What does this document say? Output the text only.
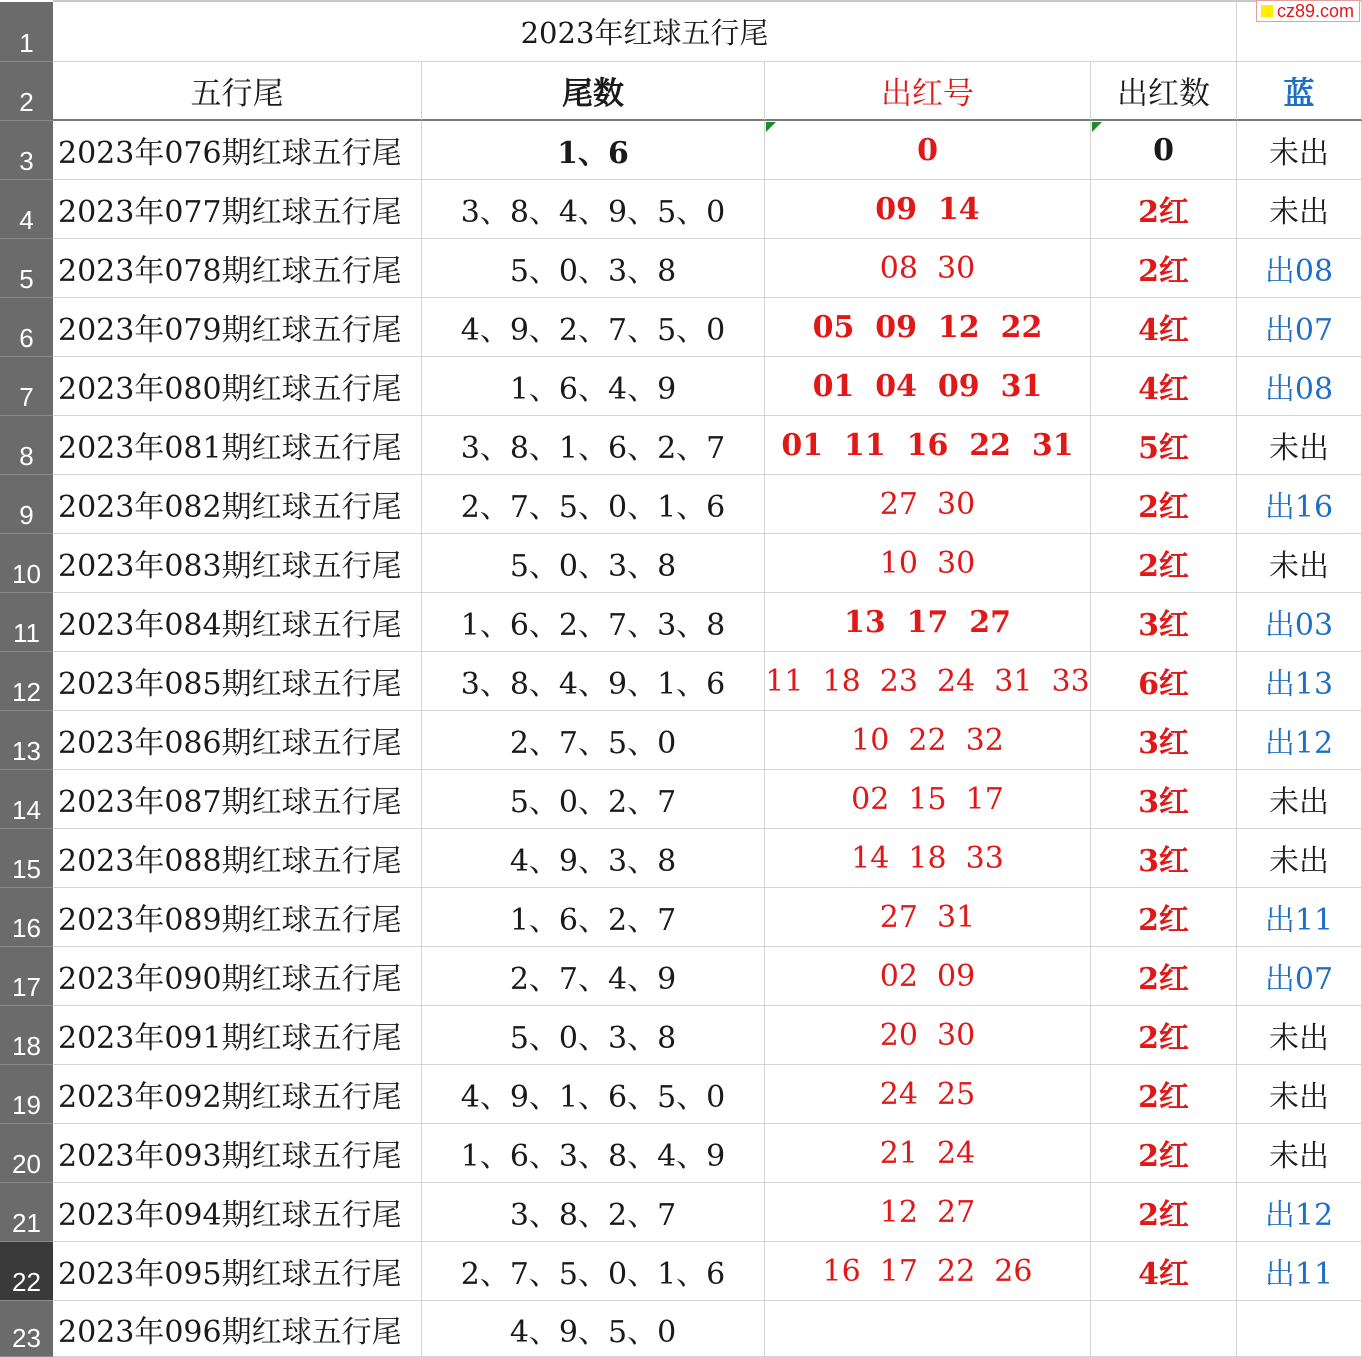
1
2
3
4
5
6
7
8
9
10
11
12
13
14
15
16
17
18
19
20
21
22
23
2023年红球五行尾
五行尾	尾数	出红号	出红数	蓝
2023年076期红球五行尾	1、6	0	0	未出
2023年077期红球五行尾	3、8、4、9、5、0	09  14	2红	未出
2023年078期红球五行尾	5、0、3、8	08  30	2红	出08
2023年079期红球五行尾	4、9、2、7、5、0	05  09  12  22	4红	出07
2023年080期红球五行尾	1、6、4、9	01  04  09  31	4红	出08
2023年081期红球五行尾	3、8、1、6、2、7	01  11  16  22  31	5红	未出
2023年082期红球五行尾	2、7、5、0、1、6	27  30	2红	出16
2023年083期红球五行尾	5、0、3、8	10  30	2红	未出
2023年084期红球五行尾	1、6、2、7、3、8	13  17  27	3红	出03
2023年085期红球五行尾	3、8、4、9、1、6	11  18  23  24  31  33	6红	出13
2023年086期红球五行尾	2、7、5、0	10  22  32	3红	出12
2023年087期红球五行尾	5、0、2、7	02  15  17	3红	未出
2023年088期红球五行尾	4、9、3、8	14  18  33	3红	未出
2023年089期红球五行尾	1、6、2、7	27  31	2红	出11
2023年090期红球五行尾	2、7、4、9	02  09	2红	出07
2023年091期红球五行尾	5、0、3、8	20  30	2红	未出
2023年092期红球五行尾	4、9、1、6、5、0	24  25	2红	未出
2023年093期红球五行尾	1、6、3、8、4、9	21  24	2红	未出
2023年094期红球五行尾	3、8、2、7	12  27	2红	出12
2023年095期红球五行尾	2、7、5、0、1、6	16  17  22  26	4红	出11
2023年096期红球五行尾	4、9、5、0
cz89.com
